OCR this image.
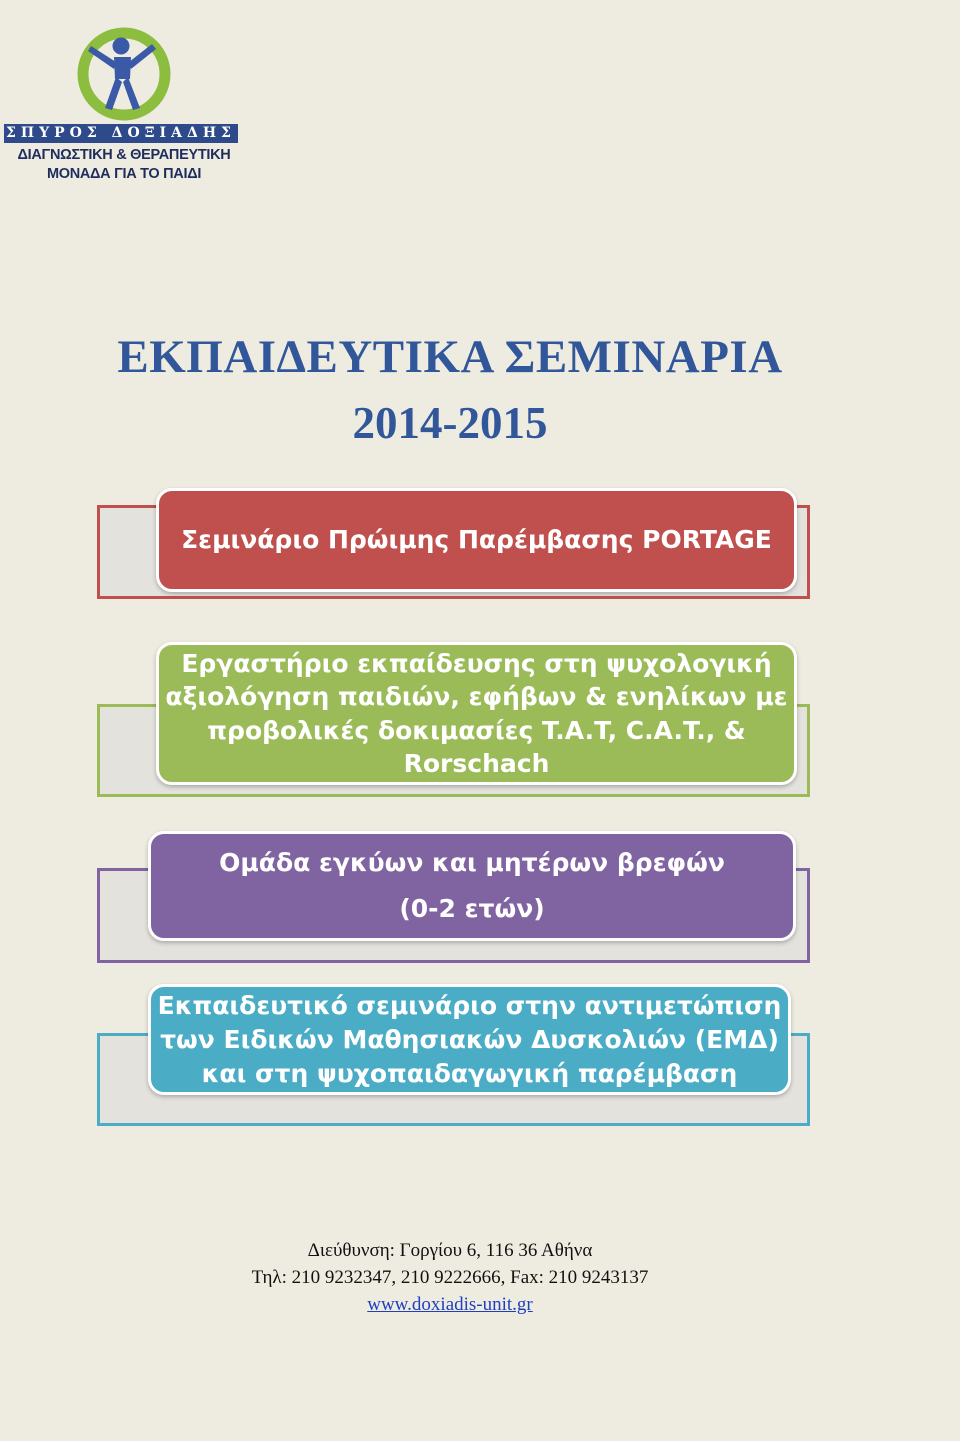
ΣΠΥΡΟΣ ΔΟΞΙΑΔΗΣ
ΔΙΑΓΝΩΣΤΙΚΗ & ΘΕΡΑΠΕΥΤΙΚΗ
ΜΟΝΑΔΑ ΓΙΑ ΤΟ ΠΑΙΔΙ
ΕΚΠΑΙΔΕΥΤΙΚΑ ΣΕΜΙΝΑΡΙΑ
2014-2015
Σεμινάριο Πρώιμης Παρέμβασης PORTAGE
Εργαστήριο εκπαίδευσης στη ψυχολογική
αξιολόγηση παιδιών, εφήβων & ενηλίκων με
προβολικές δοκιμασίες T.A.T, C.A.T., &
Rorschach
Ομάδα εγκύων και μητέρων βρεφών
(0-2 ετών)
Εκπαιδευτικό σεμινάριο στην αντιμετώπιση
των Ειδικών Μαθησιακών Δυσκολιών (ΕΜΔ)
και στη ψυχοπαιδαγωγική παρέμβαση
Διεύθυνση: Γοργίου 6, 116 36 Αθήνα
Τηλ: 210 9232347, 210 9222666, Fax: 210 9243137
www.doxiadis-unit.gr
